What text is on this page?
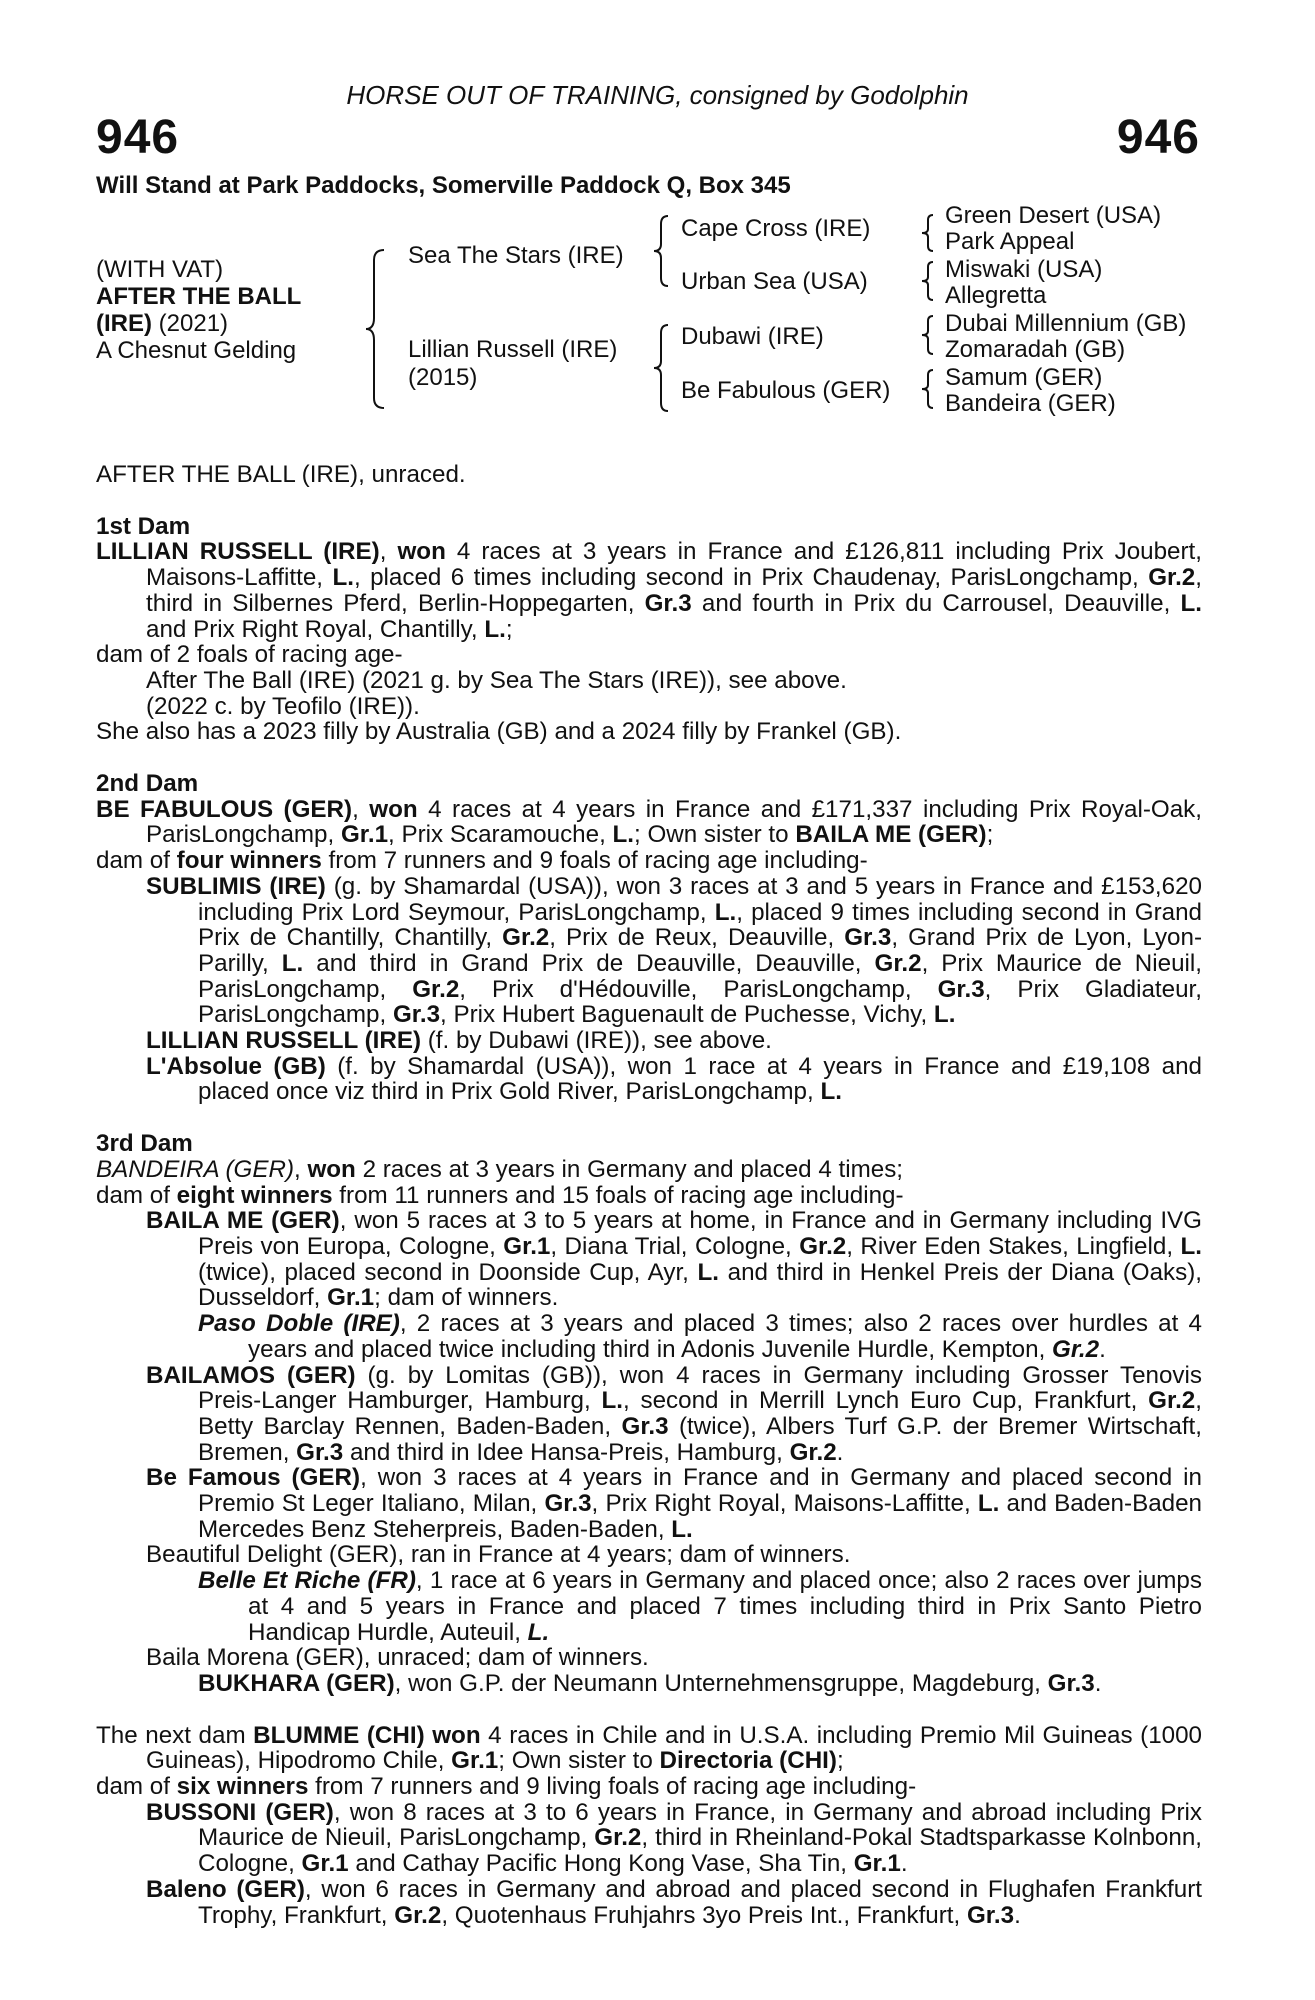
HORSE OUT OF TRAINING, consigned by Godolphin
946	946
Will Stand at Park Paddocks, Somerville Paddock Q, Box 345
(WITH VAT)
AFTER THE BALL
(IRE) (2021)
A Chesnut Gelding
Sea The Stars (IRE)
Lillian Russell (IRE)
(2015)
Cape Cross (IRE)
Urban Sea (USA)
Dubawi (IRE)
Be Fabulous (GER)
Green Desert (USA)
Park Appeal
Miswaki (USA)
Allegretta
Dubai Millennium (GB)
Zomaradah (GB)
Samum (GER)
Bandeira (GER)

AFTER THE BALL (IRE), unraced.

1st Dam

LILLIAN RUSSELL (IRE), won 4 races at 3 years in France and £126,811 including Prix Joubert, Maisons-Laffitte, L., placed 6 times including second in Prix Chaudenay, ParisLongchamp, Gr.2, third in Silbernes Pferd, Berlin-Hoppegarten, Gr.3 and fourth in Prix du Carrousel, Deauville, L. and Prix Right Royal, Chantilly, L.;

dam of 2 foals of racing age-

After The Ball (IRE) (2021 g. by Sea The Stars (IRE)), see above.

(2022 c. by Teofilo (IRE)).

She also has a 2023 filly by Australia (GB) and a 2024 filly by Frankel (GB).

2nd Dam

BE FABULOUS (GER), won 4 races at 4 years in France and £171,337 including Prix Royal-Oak, ParisLongchamp, Gr.1, Prix Scaramouche, L.; Own sister to BAILA ME (GER);

dam of four winners from 7 runners and 9 foals of racing age including-

SUBLIMIS (IRE) (g. by Shamardal (USA)), won 3 races at 3 and 5 years in France and £153,620 including Prix Lord Seymour, ParisLongchamp, L., placed 9 times including second in Grand Prix de Chantilly, Chantilly, Gr.2, Prix de Reux, Deauville, Gr.3, Grand Prix de Lyon, Lyon-Parilly, L. and third in Grand Prix de Deauville, Deauville, Gr.2, Prix Maurice de Nieuil, ParisLongchamp, Gr.2, Prix d'Hédouville, ParisLongchamp, Gr.3, Prix Gladiateur, ParisLongchamp, Gr.3, Prix Hubert Baguenault de Puchesse, Vichy, L.

LILLIAN RUSSELL (IRE) (f. by Dubawi (IRE)), see above.

L'Absolue (GB) (f. by Shamardal (USA)), won 1 race at 4 years in France and £19,108 and placed once viz third in Prix Gold River, ParisLongchamp, L.

3rd Dam

BANDEIRA (GER), won 2 races at 3 years in Germany and placed 4 times;

dam of eight winners from 11 runners and 15 foals of racing age including-

BAILA ME (GER), won 5 races at 3 to 5 years at home, in France and in Germany including IVG Preis von Europa, Cologne, Gr.1, Diana Trial, Cologne, Gr.2, River Eden Stakes, Lingfield, L. (twice), placed second in Doonside Cup, Ayr, L. and third in Henkel Preis der Diana (Oaks), Dusseldorf, Gr.1; dam of winners.

Paso Doble (IRE), 2 races at 3 years and placed 3 times; also 2 races over hurdles at 4 years and placed twice including third in Adonis Juvenile Hurdle, Kempton, Gr.2.

BAILAMOS (GER) (g. by Lomitas (GB)), won 4 races in Germany including Grosser Tenovis Preis-Langer Hamburger, Hamburg, L., second in Merrill Lynch Euro Cup, Frankfurt, Gr.2, Betty Barclay Rennen, Baden-Baden, Gr.3 (twice), Albers Turf G.P. der Bremer Wirtschaft, Bremen, Gr.3 and third in Idee Hansa-Preis, Hamburg, Gr.2.

Be Famous (GER), won 3 races at 4 years in France and in Germany and placed second in Premio St Leger Italiano, Milan, Gr.3, Prix Right Royal, Maisons-Laffitte, L. and Baden-Baden Mercedes Benz Steherpreis, Baden-Baden, L.

Beautiful Delight (GER), ran in France at 4 years; dam of winners.

Belle Et Riche (FR), 1 race at 6 years in Germany and placed once; also 2 races over jumps at 4 and 5 years in France and placed 7 times including third in Prix Santo Pietro Handicap Hurdle, Auteuil, L.

Baila Morena (GER), unraced; dam of winners.

BUKHARA (GER), won G.P. der Neumann Unternehmensgruppe, Magdeburg, Gr.3.

The next dam BLUMME (CHI) won 4 races in Chile and in U.S.A. including Premio Mil Guineas (1000 Guineas), Hipodromo Chile, Gr.1; Own sister to Directoria (CHI);

dam of six winners from 7 runners and 9 living foals of racing age including-

BUSSONI (GER), won 8 races at 3 to 6 years in France, in Germany and abroad including Prix Maurice de Nieuil, ParisLongchamp, Gr.2, third in Rheinland-Pokal Stadtsparkasse Kolnbonn, Cologne, Gr.1 and Cathay Pacific Hong Kong Vase, Sha Tin, Gr.1.

Baleno (GER), won 6 races in Germany and abroad and placed second in Flughafen Frankfurt Trophy, Frankfurt, Gr.2, Quotenhaus Fruhjahrs 3yo Preis Int., Frankfurt, Gr.3.
